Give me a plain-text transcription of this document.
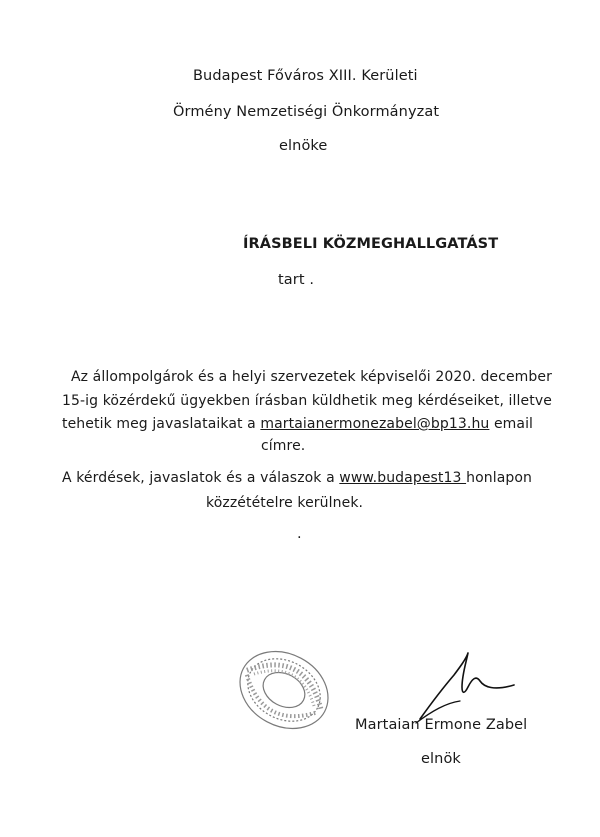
Budapest Főváros XIII. Kerületi
Örmény Nemzetiségi Önkormányzat
elnöke
ÍRÁSBELI KÖZMEGHALLGATÁST
tart .
Az állompolgárok és a helyi szervezetek képviselői 2020. december
15-ig közérdekű ügyekben írásban küldhetik meg kérdéseiket, illetve
tehetik meg javaslataikat a martaianermonezabel@bp13.hu email
címre.
A kérdések, javaslatok és a válaszok a www.budapest13 honlapon
közzétételre kerülnek.
.
Martaian Ermone Zabel
elnök
